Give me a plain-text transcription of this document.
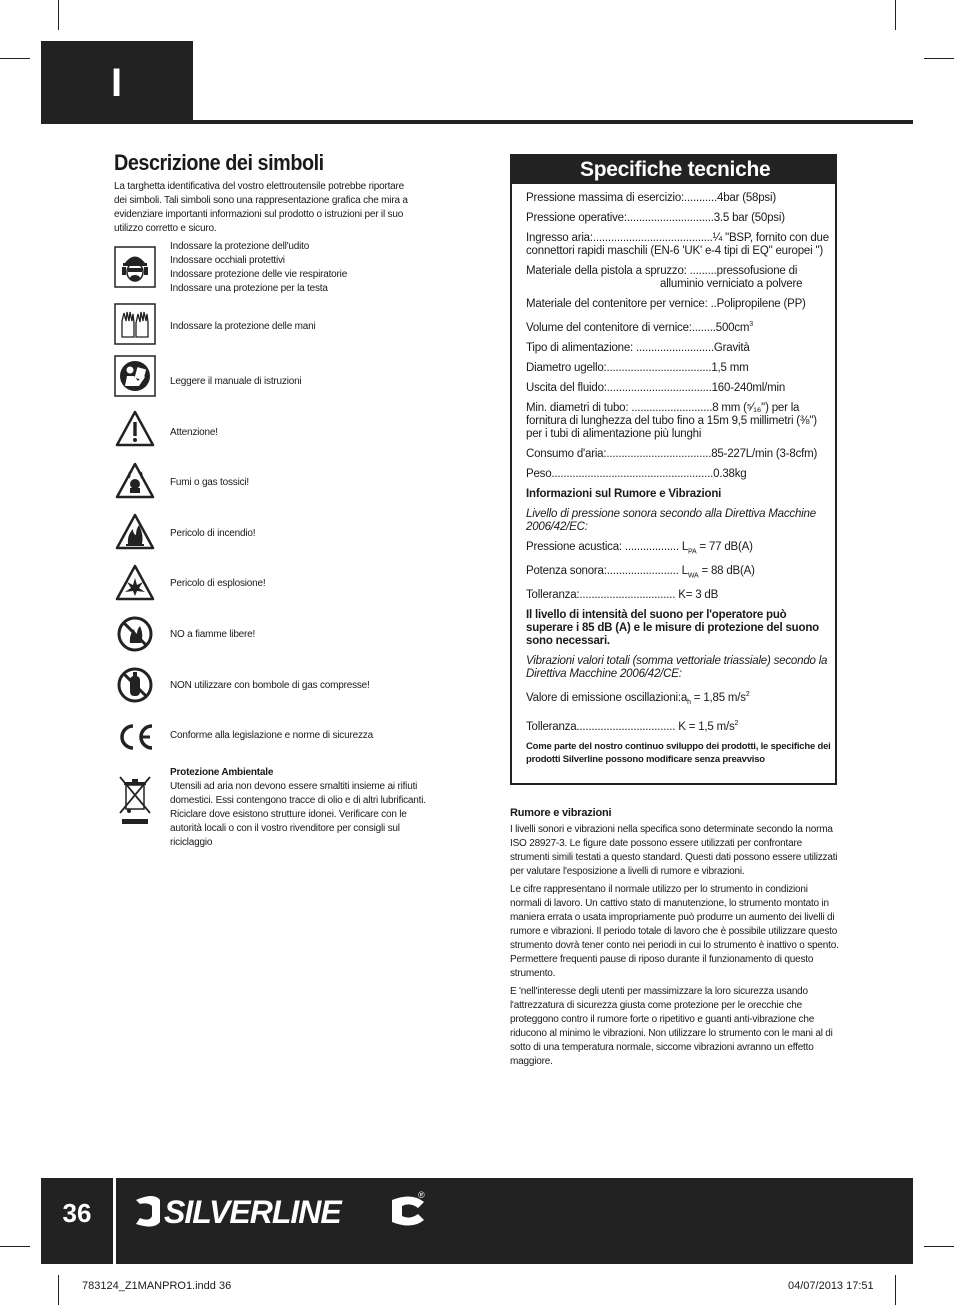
I
Descrizione dei simboli
La targhetta identificativa del vostro elettroutensile potrebbe riportare dei simboli. Tali simboli sono una rappresentazione grafica che mira a evidenziare importanti informazioni sul prodotto o istruzioni per il suo utilizzo corretto e sicuro.
Indossare la protezione dell'udito
Indossare occhiali protettivi
Indossare protezione delle vie respiratorie
Indossare una protezione per la testa
Indossare la protezione delle mani
Leggere il manuale di istruzioni
Attenzione!
Fumi o gas tossici!
Pericolo di incendio!
Pericolo di esplosione!
NO a fiamme libere!
NON utilizzare con bombole di gas compresse!
Conforme alla legislazione e norme di sicurezza
Protezione Ambientale
Utensili ad aria non devono essere smaltiti insieme ai rifiuti domestici. Essi contengono tracce di olio e di altri lubrificanti. Riciclare dove esistono strutture idonei. Verificare con le autorità locali o con il vostro rivenditore per consigli sul riciclaggio
Specifiche tecniche
Pressione massima di esercizio:...........4bar (58psi)
Pressione operative:.............................3.5 bar (50psi)
Ingresso aria:........................................¼ "BSP, fornito con due connettori rapidi maschili (EN-6 'UK' e-4 tipi di EQ" europei ")
Materiale della pistola a spruzzo: .........pressofusione di
alluminio verniciato a polvere
Materiale del contenitore per vernice: ..Polipropilene (PP)
Volume del contenitore di $vernice:........500cm^3$
Tipo di alimentazione: ..........................Gravità
Diametro ugello:...................................1,5 mm
Uscita del fluido:...................................160-240ml/min
Min. diametri di tubo: ...........................8 mm (⁵⁄₁₆") per la fornitura di lunghezza del tubo fino a 15m 9,5 millimetri (⅜") per i tubi di alimentazione più lunghi
Consumo d'aria:...................................85-227L/min (3-8cfm)
Peso......................................................0.38kg
Informazioni sul Rumore e Vibrazioni
Livello di pressione sonora secondo alla Direttiva Macchine 2006/42/EC:
Pressione acustica: .................. $L_{PA} = 77$ dB(A)
Potenza sonora:........................ $L_{WA} = 88$ dB(A)
Tolleranza:................................ K= 3 dB
Il livello di intensità del suono per l'operatore può superare i 85 dB (A) e le misure di protezione del suono sono necessari.
Vibrazioni valori totali (somma vettoriale triassiale) secondo la Direttiva Macchine 2006/42/CE:
Valore di emissione $oscillazioni:a_h = 1,85$ $m/s^2$
Tolleranza................................. K = 1,5 $m/s^2$
Come parte del nostro continuo sviluppo dei prodotti, le specifiche dei prodotti Silverline possono modificare senza preavviso
Rumore e vibrazioni

I livelli sonori e vibrazioni nella specifica sono determinate secondo la norma ISO 28927-3. Le figure date possono essere utilizzati per confrontare strumenti simili testati a questo standard. Questi dati possono essere utilizzati per valutare l'esposizione a livelli di rumore e vibrazioni.

Le cifre rappresentano il normale utilizzo per lo strumento in condizioni normali di lavoro. Un cattivo stato di manutenzione, lo strumento montato in maniera errata o usata impropriamente può produrre un aumento dei livelli di rumore e vibrazioni. Il periodo totale di lavoro che è possibile utilizzare questo strumento dovrà tener conto nei periodi in cui lo strumento è inattivo o spento. Permettere frequenti pause di riposo durante il funzionamento di questo strumento.

E 'nell'interesse degli utenti per massimizzare la loro sicurezza usando l'attrezzatura di sicurezza giusta come protezione per le orecchie che proteggono contro il rumore forte o ripetitivo e guanti anti-vibrazione che riducono al minimo le vibrazioni. Non utilizzare lo strumento con le mani al di sotto di una temperatura normale, siccome vibrazioni avranno un effetto maggiore.

36	SILVERLINE	®
783124_Z1MANPRO1.indd 36	04/07/2013 17:51
